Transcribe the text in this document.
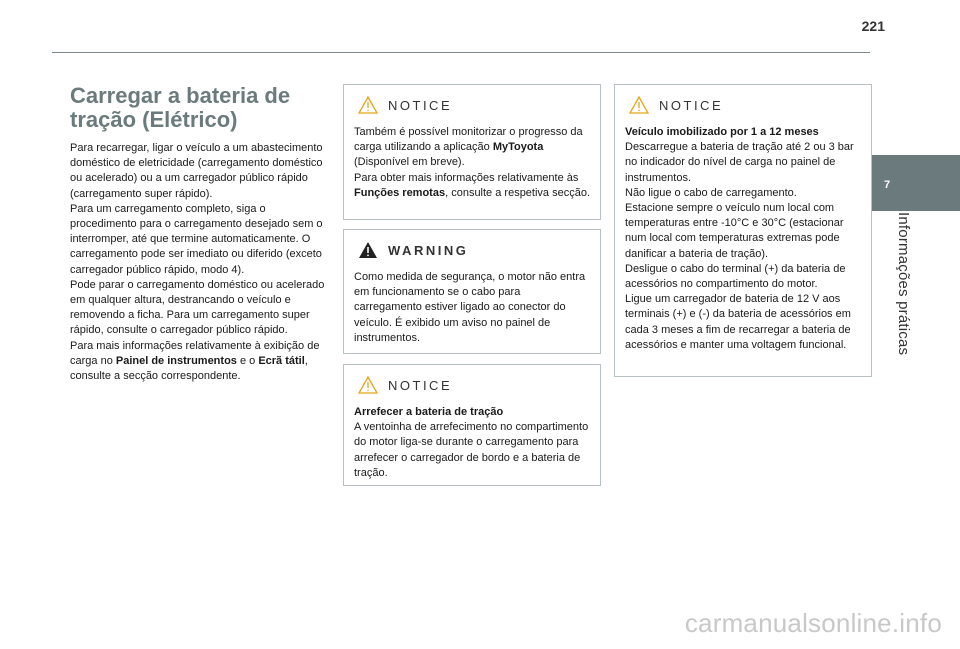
221
7
Informações práticas
Carregar a bateria de
tração (Elétrico)

Para recarregar, ligar o veículo a um abastecimento doméstico de eletricidade (carregamento doméstico ou acelerado) ou a um carregador público rápido (carregamento super rápido).

Para um carregamento completo, siga o procedimento para o carregamento desejado sem o interromper, até que termine automaticamente. O carregamento pode ser imediato ou diferido (exceto carregador público rápido, modo 4).

Pode parar o carregamento doméstico ou acelerado em qualquer altura, destrancando o veículo e removendo a ficha. Para um carregamento super rápido, consulte o carregador público rápido.

Para mais informações relativamente à exibição de carga no Painel de instrumentos e o Ecrã tátil, consulte a secção correspondente.

NOTICE

Também é possível monitorizar o progresso da carga utilizando a aplicação MyToyota (Disponível em breve).

Para obter mais informações relativamente às Funções remotas, consulte a respetiva secção.

WARNING

Como medida de segurança, o motor não entra em funcionamento se o cabo para carregamento estiver ligado ao conector do veículo. É exibido um aviso no painel de instrumentos.

NOTICE

Arrefecer a bateria de tração

A ventoinha de arrefecimento no compartimento do motor liga-se durante o carregamento para arrefecer o carregador de bordo e a bateria de tração.

NOTICE

Veículo imobilizado por 1 a 12 meses

Descarregue a bateria de tração até 2 ou 3 bar no indicador do nível de carga no painel de instrumentos.

Não ligue o cabo de carregamento.

Estacione sempre o veículo num local com temperaturas entre -10°C e 30°C (estacionar num local com temperaturas extremas pode danificar a bateria de tração).

Desligue o cabo do terminal (+) da bateria de acessórios no compartimento do motor.

Ligue um carregador de bateria de 12 V aos terminais (+) e (-) da bateria de acessórios em cada 3 meses a fim de recarregar a bateria de acessórios e manter uma voltagem funcional.

carmanualsonline.info
